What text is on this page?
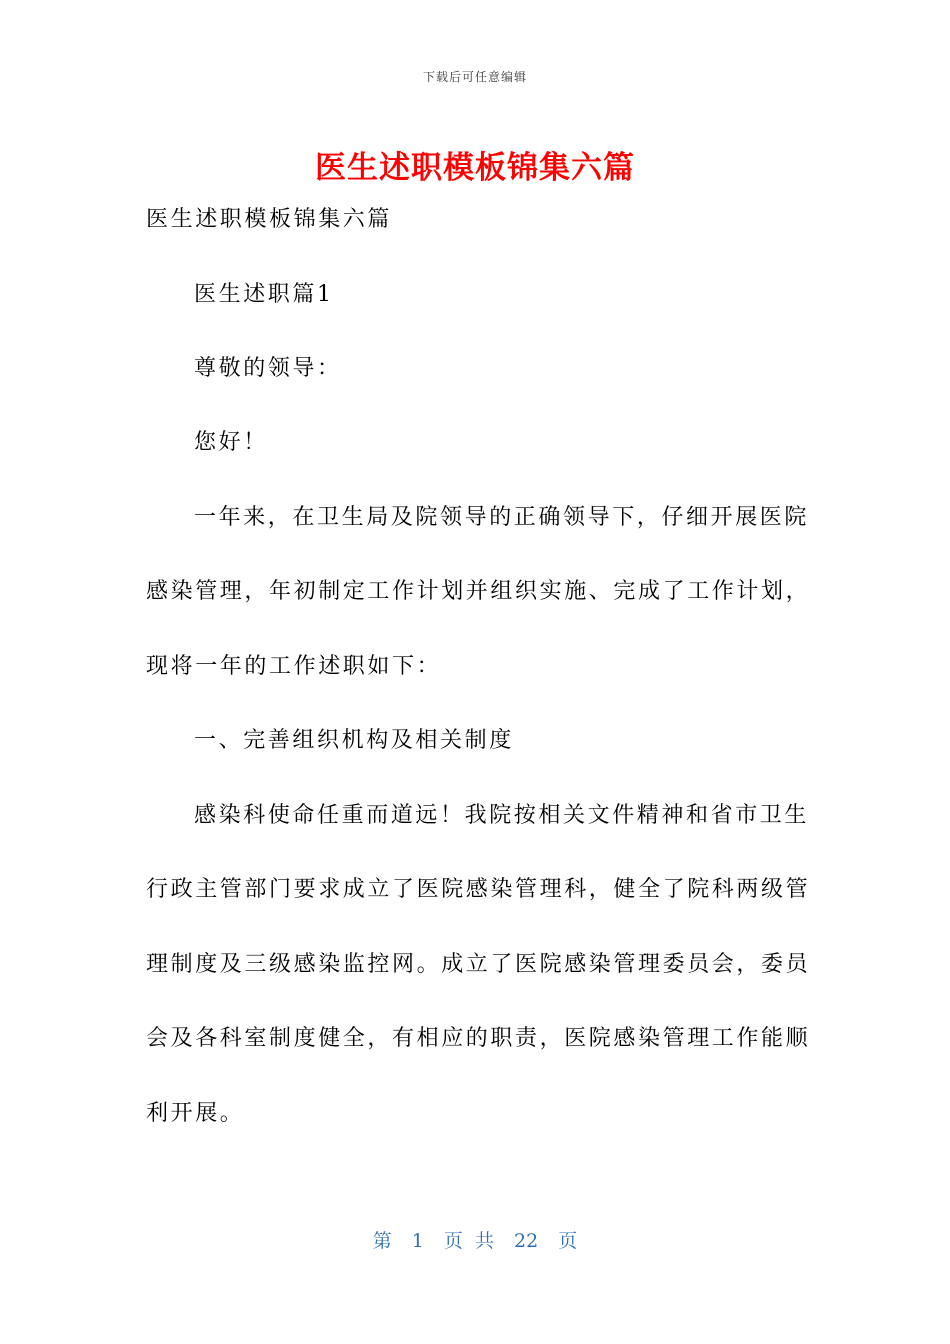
下载后可任意编辑
医生述职模板锦集六篇
医生述职模板锦集六篇
医生述职篇1
尊敬的领导：
您好！
一年来，在卫生局及院领导的正确领导下，仔细开展医院
感染管理，年初制定工作计划并组织实施、完成了工作计划，
现将一年的工作述职如下：
一、完善组织机构及相关制度
感染科使命任重而道远！我院按相关文件精神和省市卫生
行政主管部门要求成立了医院感染管理科，健全了院科两级管
理制度及三级感染监控网。成立了医院感染管理委员会，委员
会及各科室制度健全，有相应的职责，医院感染管理工作能顺
利开展。
第 1 页 共 22 页
